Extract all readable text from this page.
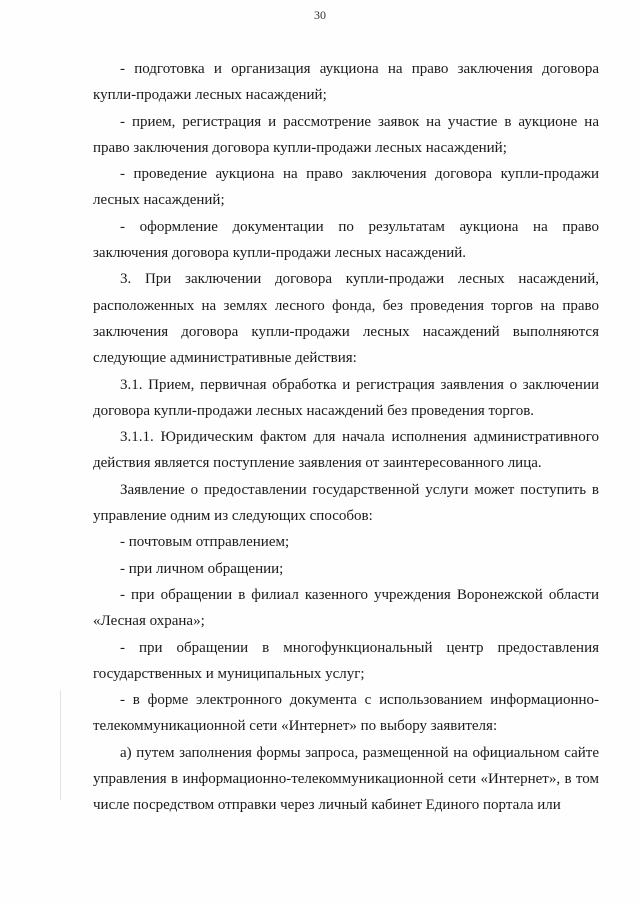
30

- подготовка и организация аукциона на право заключения договора купли-продажи лесных насаждений;

- прием, регистрация и рассмотрение заявок на участие в аукционе на право заключения договора купли-продажи лесных насаждений;

- проведение аукциона на право заключения договора купли-продажи лесных насаждений;

- оформление документации по результатам аукциона на право заключения договора купли-продажи лесных насаждений.

3. При заключении договора купли-продажи лесных насаждений, расположенных на землях лесного фонда, без проведения торгов на право заключения договора купли-продажи лесных насаждений выполняются следующие административные действия:

3.1. Прием, первичная обработка и регистрация заявления о заключении договора купли-продажи лесных насаждений без проведения торгов.

3.1.1. Юридическим фактом для начала исполнения административного действия является поступление заявления от заинтересованного лица.

Заявление о предоставлении государственной услуги может поступить в управление одним из следующих способов:

- почтовым отправлением;

- при личном обращении;

- при обращении в филиал казенного учреждения Воронежской области «Лесная охрана»;

- при обращении в многофункциональный центр предоставления государственных и муниципальных услуг;

- в форме электронного документа с использованием информационно-телекоммуникационной сети «Интернет» по выбору заявителя:

а) путем заполнения формы запроса, размещенной на официальном сайте управления в информационно-телекоммуникационной сети «Интернет», в том числе посредством отправки через личный кабинет Единого портала или
